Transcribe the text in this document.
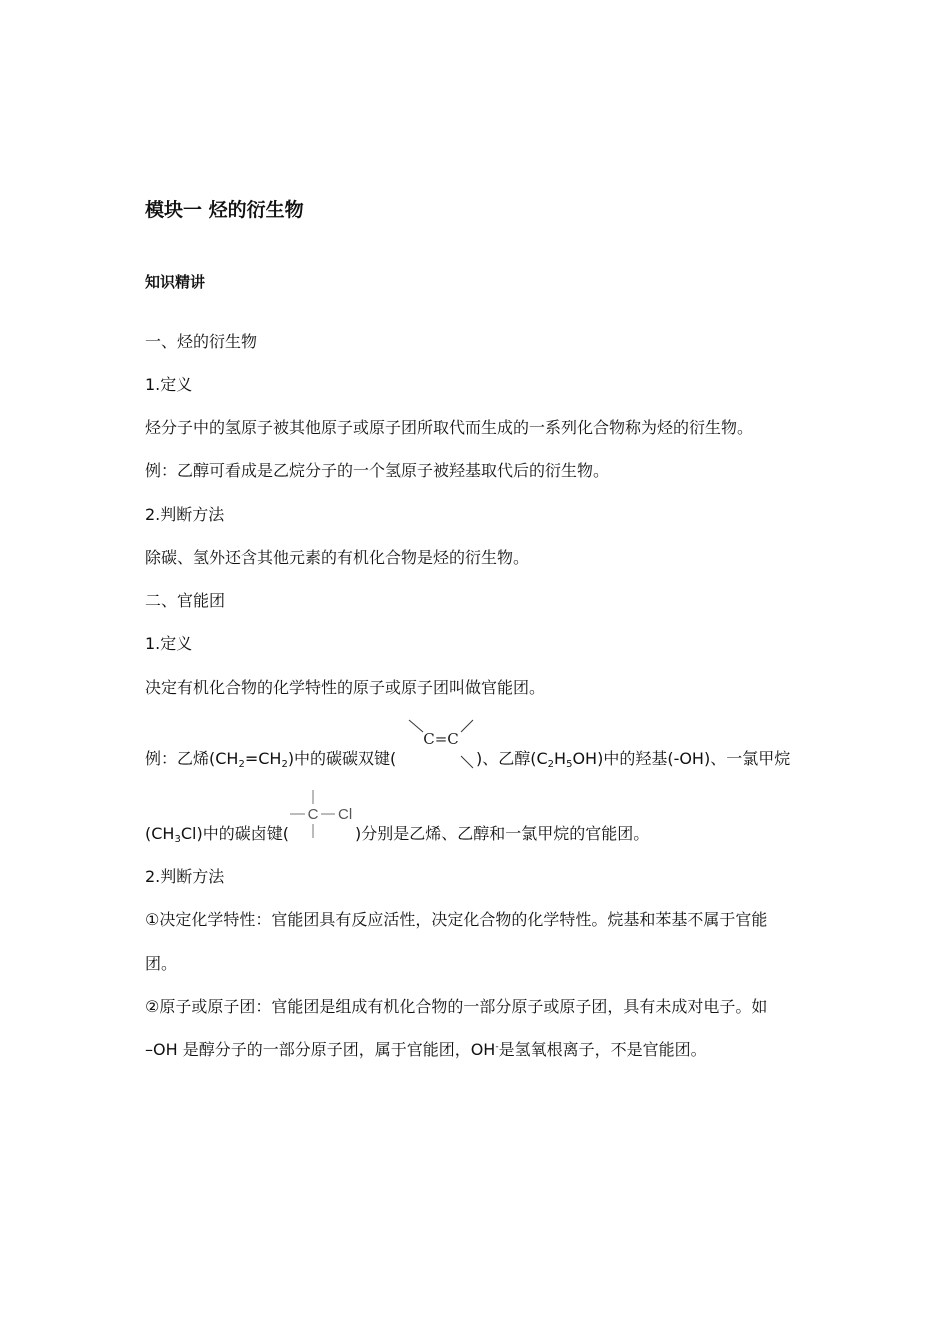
模块一 烃的衍生物
知识精讲
一、烃的衍生物
1.定义
烃分子中的氢原子被其他原子或原子团所取代而生成的一系列化合物称为烃的衍生物。
例：乙醇可看成是乙烷分子的一个氢原子被羟基取代后的衍生物。
2.判断方法
除碳、氢外还含其他元素的有机化合物是烃的衍生物。
二、官能团
1.定义
决定有机化合物的化学特性的原子或原子团叫做官能团。
例：乙烯$(CH_2=CH_2)$中的碳碳双键(
C=C
)、乙醇$(C_2H_5OH)$中的羟基(-OH)、一氯甲烷
$(CH_3Cl)$中的碳卤键(
C Cl
)分别是乙烯、乙醇和一氯甲烷的官能团。
2.判断方法
①决定化学特性：官能团具有反应活性，决定化合物的化学特性。烷基和苯基不属于官能
团。
②原子或原子团：官能团是组成有机化合物的一部分原子或原子团，具有未成对电子。如
–OH 是醇分子的一部分原子团，属于官能团，OH-是氢氧根离子，不是官能团。
